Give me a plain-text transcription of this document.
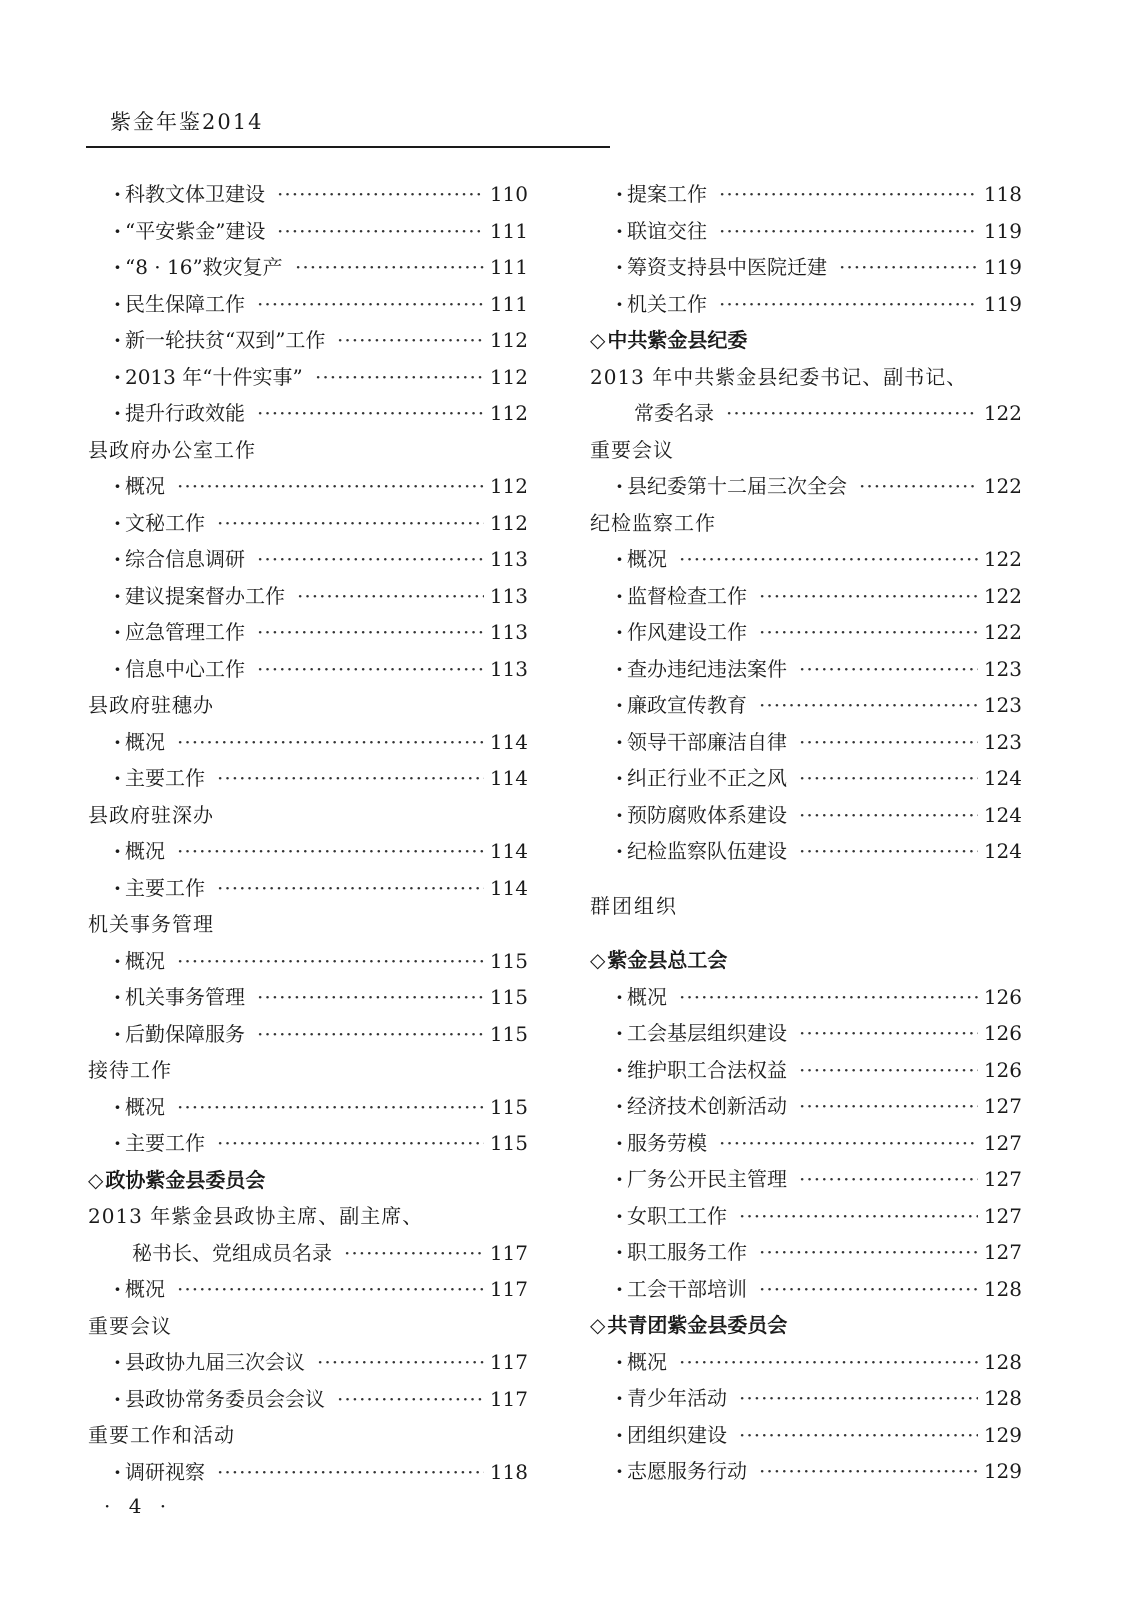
紫金年鉴2014
· 科教文体卫建设 ·····	110
· “平安紫金”建设 ·····	111
· “8 · 16”救灾复产 ·····	111
· 民生保障工作 ·····	111
· 新一轮扶贫“双到”工作 ·····	112
· 2013 年“十件实事” ·····	112
· 提升行政效能 ·····	112
县政府办公室工作
· 概况 ·····	112
· 文秘工作 ·····	112
· 综合信息调研 ·····	113
· 建议提案督办工作 ·····	113
· 应急管理工作 ·····	113
· 信息中心工作 ·····	113
县政府驻穗办
· 概况 ·····	114
· 主要工作 ·····	114
县政府驻深办
· 概况 ·····	114
· 主要工作 ·····	114
机关事务管理
· 概况 ·····	115
· 机关事务管理 ·····	115
· 后勤保障服务 ·····	115
接待工作
· 概况 ·····	115
· 主要工作 ·····	115
◇ 政协紫金县委员会
2013 年紫金县政协主席、副主席、
秘书长、党组成员名录 ·····	117
· 概况 ·····	117
重要会议
· 县政协九届三次会议 ·····	117
· 县政协常务委员会会议 ·····	117
重要工作和活动
· 调研视察 ·····	118
· 提案工作 ·····	118
· 联谊交往 ·····	119
· 筹资支持县中医院迁建 ·····	119
· 机关工作 ·····	119
◇ 中共紫金县纪委
2013 年中共紫金县纪委书记、副书记、
常委名录 ·····	122
重要会议
· 县纪委第十二届三次全会 ·····	122
纪检监察工作
· 概况 ·····	122
· 监督检查工作 ·····	122
· 作风建设工作 ·····	122
· 查办违纪违法案件 ·····	123
· 廉政宣传教育 ·····	123
· 领导干部廉洁自律 ·····	123
· 纠正行业不正之风 ·····	124
· 预防腐败体系建设 ·····	124
· 纪检监察队伍建设 ·····	124
群团组织
◇ 紫金县总工会
· 概况 ·····	126
· 工会基层组织建设 ·····	126
· 维护职工合法权益 ·····	126
· 经济技术创新活动 ·····	127
· 服务劳模 ·····	127
· 厂务公开民主管理 ·····	127
· 女职工工作 ·····	127
· 职工服务工作 ·····	127
· 工会干部培训 ·····	128
◇ 共青团紫金县委员会
· 概况 ·····	128
· 青少年活动 ·····	128
· 团组织建设 ·····	129
· 志愿服务行动 ·····	129
· 4 ·
